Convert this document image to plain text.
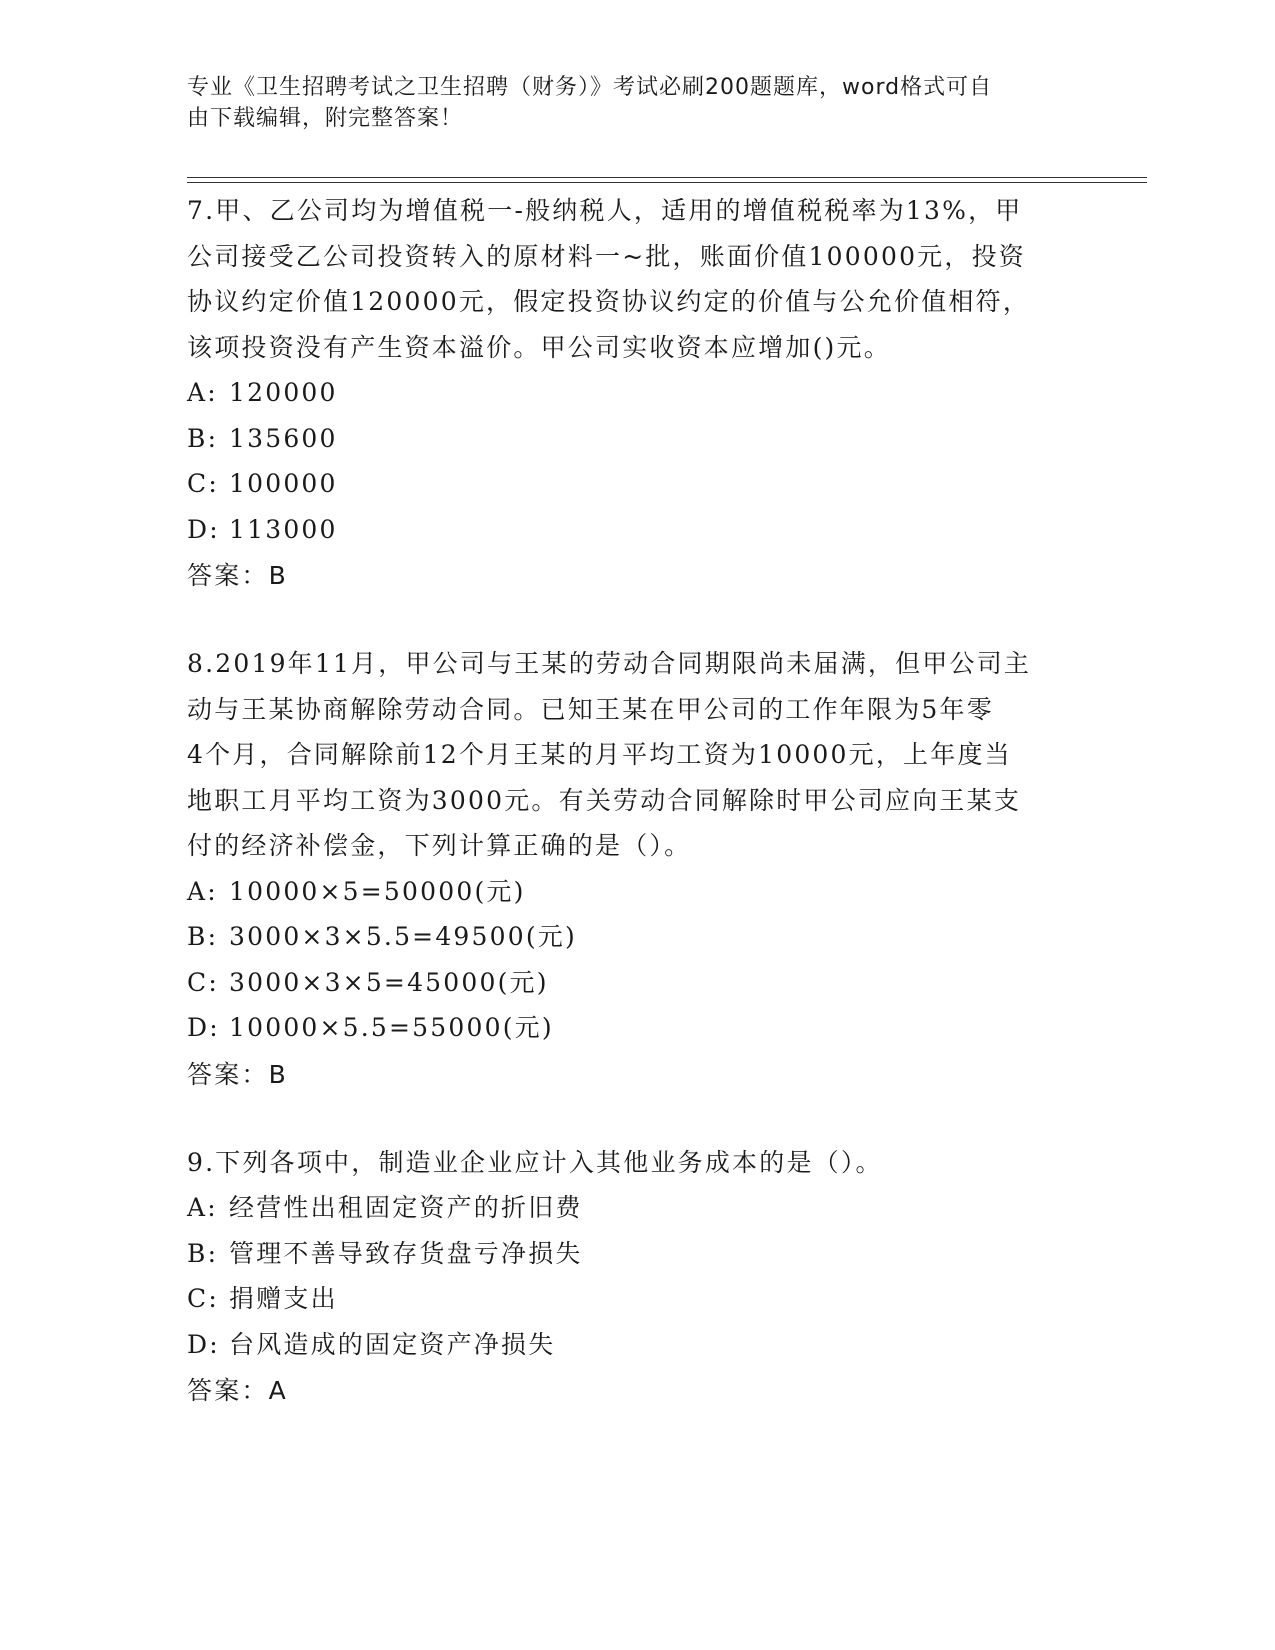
专业《卫生招聘考试之卫生招聘（财务）》考试必刷200题题库，word格式可自
由下载编辑，附完整答案！
7.甲、乙公司均为增值税一-般纳税人，适用的增值税税率为13%，甲
公司接受乙公司投资转入的原材料一~批，账面价值100000元，投资
协议约定价值120000元，假定投资协议约定的价值与公允价值相符，
该项投资没有产生资本溢价。甲公司实收资本应增加()元。
A: 120000
B: 135600
C: 100000
D: 113000
答案：B
8.2019年11月，甲公司与王某的劳动合同期限尚未届满，但甲公司主
动与王某协商解除劳动合同。已知王某在甲公司的工作年限为5年零
4个月，合同解除前12个月王某的月平均工资为10000元，上年度当
地职工月平均工资为3000元。有关劳动合同解除时甲公司应向王某支
付的经济补偿金，下列计算正确的是（）。
A: 10000×5=50000(元)
B: 3000×3×5.5=49500(元)
C: 3000×3×5=45000(元)
D: 10000×5.5=55000(元)
答案：B
9.下列各项中，制造业企业应计入其他业务成本的是（）。
A: 经营性出租固定资产的折旧费
B: 管理不善导致存货盘亏净损失
C: 捐赠支出
D: 台风造成的固定资产净损失
答案：A
